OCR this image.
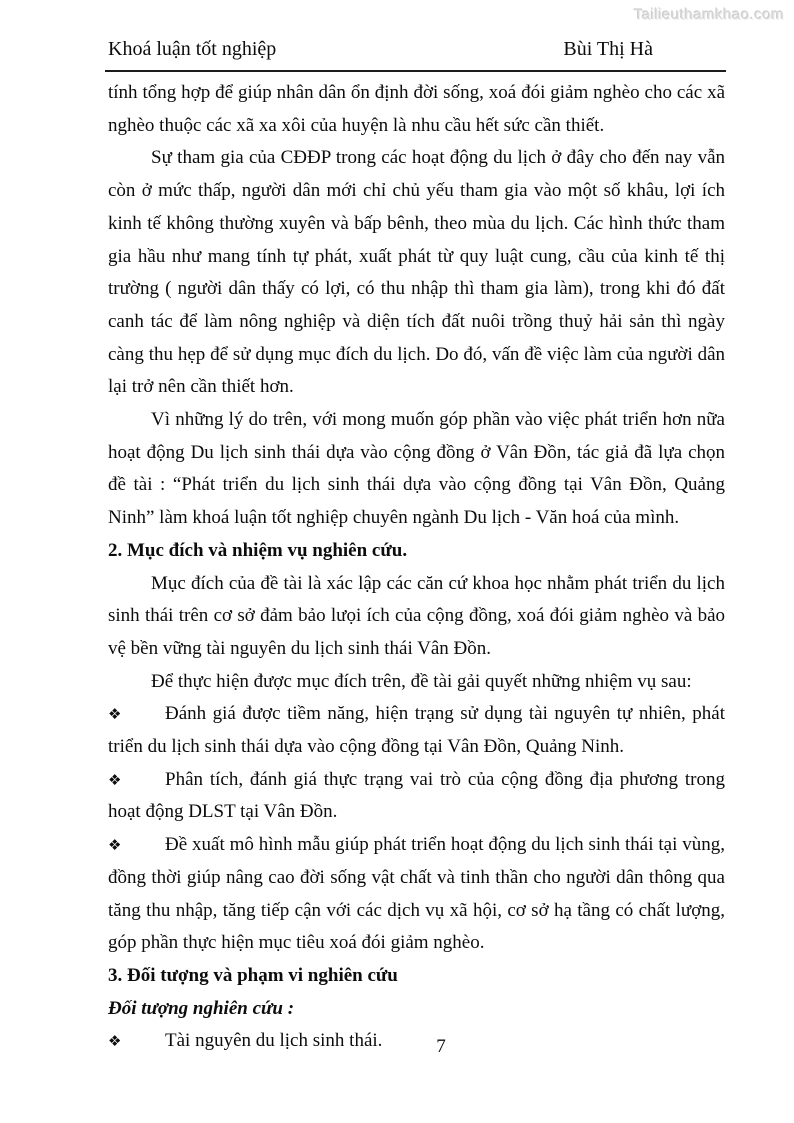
Tailieuthamkhao.com
Khoá luận tốt nghiệp	Bùi Thị Hà

tính tổng hợp để giúp nhân dân ổn định đời sống, xoá đói giảm nghèo cho các xã nghèo thuộc các xã xa xôi của huyện là nhu cầu hết sức cần thiết.

Sự tham gia của CĐĐP trong các hoạt động du lịch ở đây cho đến nay vẫn còn ở mức thấp, người dân mới chỉ chủ yếu tham gia vào một số khâu, lợi ích kinh tế không thường xuyên và bấp bênh, theo mùa du lịch. Các hình thức tham gia hầu như mang tính tự phát, xuất phát từ quy luật cung, cầu của kinh tế thị trường ( người dân thấy có lợi, có thu nhập thì tham gia làm), trong khi đó đất canh tác để làm nông nghiệp và diện tích đất nuôi trồng thuỷ hải sản thì ngày càng thu hẹp để sử dụng mục đích du lịch. Do đó, vấn đề việc làm của người dân lại trở nên cần thiết hơn.

Vì những lý do trên, với mong muốn góp phần vào việc phát triển hơn nữa hoạt động Du lịch sinh thái dựa vào cộng đồng ở Vân Đồn, tác giả đã lựa chọn đề tài : “Phát triển du lịch sinh thái dựa vào cộng đồng tại Vân Đồn, Quảng Ninh” làm khoá luận tốt nghiệp chuyên ngành Du lịch - Văn hoá của mình.

2. Mục đích và nhiệm vụ nghiên cứu.

Mục đích của đề tài là xác lập các căn cứ khoa học nhằm phát triển du lịch sinh thái trên cơ sở đảm bảo lưọi ích của cộng đồng, xoá đói giảm nghèo và bảo vệ bền vững tài nguyên du lịch sinh thái Vân Đồn.

Để thực hiện được mục đích trên, đề tài gải quyết những nhiệm vụ sau:

❖ Đánh giá được tiềm năng, hiện trạng sử dụng tài nguyên tự nhiên, phát triển du lịch sinh thái dựa vào cộng đồng tại Vân Đồn, Quảng Ninh.

❖ Phân tích, đánh giá thực trạng vai trò của cộng đồng địa phương trong hoạt động DLST tại Vân Đồn.

❖ Đề xuất mô hình mẫu giúp phát triển hoạt động du lịch sinh thái tại vùng, đồng thời giúp nâng cao đời sống vật chất và tinh thần cho người dân thông qua tăng thu nhập, tăng tiếp cận với các dịch vụ xã hội, cơ sở hạ tầng có chất lượng, góp phần thực hiện mục tiêu xoá đói giảm nghèo.

3. Đối tượng và phạm vi nghiên cứu
Đối tượng nghiên cứu :

❖ Tài nguyên du lịch sinh thái.	7
